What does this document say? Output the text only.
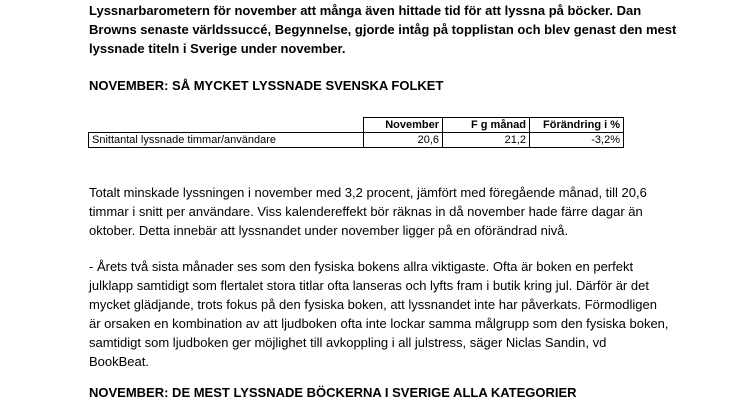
Lyssnarbarometern för november att många även hittade tid för att lyssna på böcker. Dan Browns senaste världssuccé, Begynnelse, gjorde intåg på topplistan och blev genast den mest lyssnade titeln i Sverige under november.

NOVEMBER: SÅ MYCKET LYSSNADE SVENSKA FOLKET

	November	F g månad	Förändring i %
Snittantal lyssnade timmar/användare	20,6	21,2	-3,2%

Totalt minskade lyssningen i november med 3,2 procent, jämfört med föregående månad, till 20,6 timmar i snitt per användare. Viss kalendereffekt bör räknas in då november hade färre dagar än oktober. Detta innebär att lyssnandet under november ligger på en oförändrad nivå.

- Årets två sista månader ses som den fysiska bokens allra viktigaste. Ofta är boken en perfekt julklapp samtidigt som flertalet stora titlar ofta lanseras och lyfts fram i butik kring jul. Därför är det mycket glädjande, trots fokus på den fysiska boken, att lyssnandet inte har påverkats. Förmodligen är orsaken en kombination av att ljudboken ofta inte lockar samma målgrupp som den fysiska boken, samtidigt som ljudboken ger möjlighet till avkoppling i all julstress, säger Niclas Sandin, vd BookBeat.

NOVEMBER: DE MEST LYSSNADE BÖCKERNA I SVERIGE ALLA KATEGORIER
